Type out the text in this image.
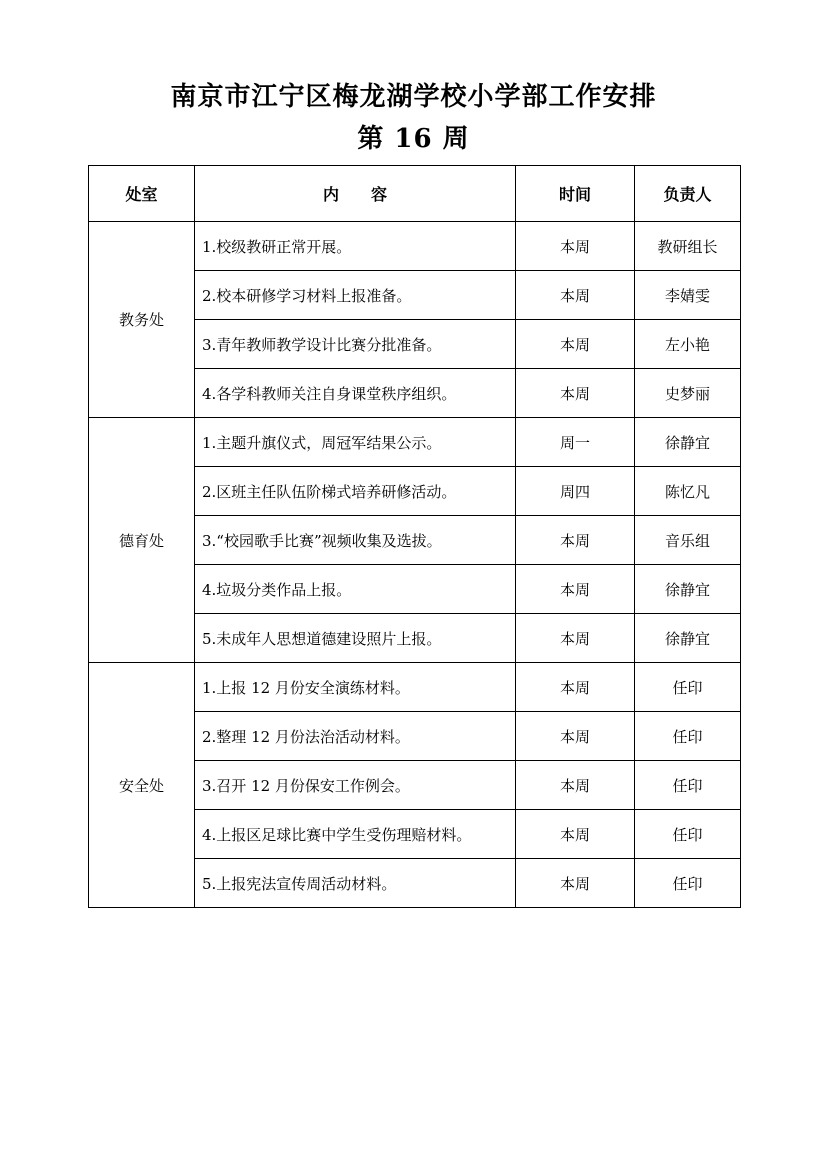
南京市江宁区梅龙湖学校小学部工作安排
第 16 周
处室	内　　容	时间	负责人
教务处	1.校级教研正常开展。	本周	教研组长
	2.校本研修学习材料上报准备。	本周	李婧雯
	3.青年教师教学设计比赛分批准备。	本周	左小艳
	4.各学科教师关注自身课堂秩序组织。	本周	史梦丽
德育处	1.主题升旗仪式，周冠军结果公示。	周一	徐静宜
	2.区班主任队伍阶梯式培养研修活动。	周四	陈忆凡
	3.“校园歌手比赛”视频收集及选拔。	本周	音乐组
	4.垃圾分类作品上报。	本周	徐静宜
	5.未成年人思想道德建设照片上报。	本周	徐静宜
安全处	1.上报 12 月份安全演练材料。	本周	任印
	2.整理 12 月份法治活动材料。	本周	任印
	3.召开 12 月份保安工作例会。	本周	任印
	4.上报区足球比赛中学生受伤理赔材料。	本周	任印
	5.上报宪法宣传周活动材料。	本周	任印
